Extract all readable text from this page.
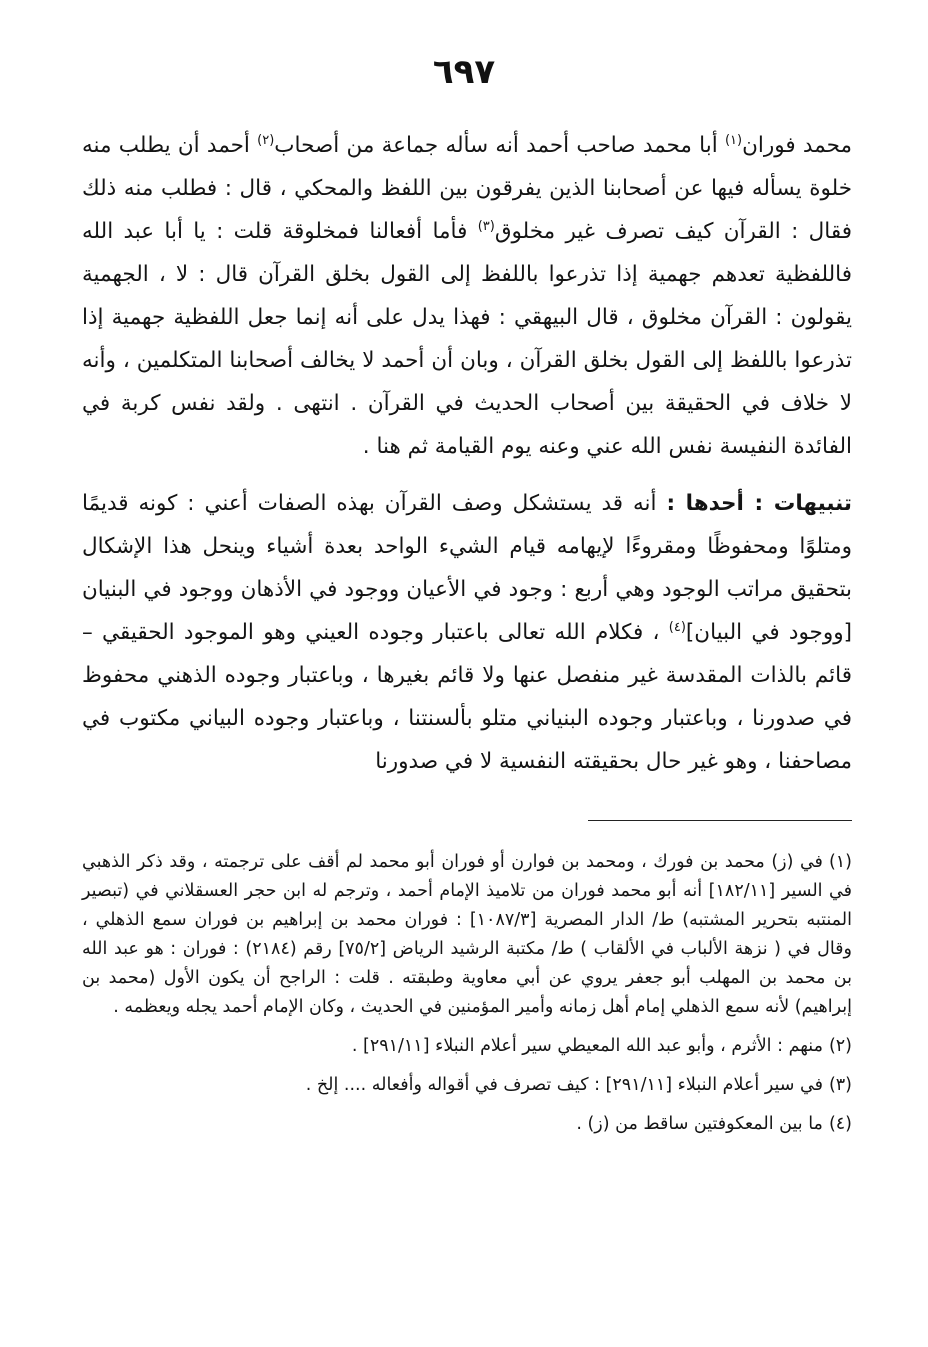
٦٩٧

محمد فوران$^{(١)}$ أبا محمد صاحب أحمد أنه سأله جماعة من أصحاب$^{(٢)}$ أحمد أن يطلب منه خلوة يسأله فيها عن أصحابنا الذين يفرقون بين اللفظ والمحكي ، قال : فطلب منه ذلك فقال : القرآن كيف تصرف غير مخلوق$^{(٣)}$ فأما أفعالنا فمخلوقة قلت : يا أبا عبد الله فاللفظية تعدهم جهمية إذا تذرعوا باللفظ إلى القول بخلق القرآن قال : لا ، الجهمية يقولون : القرآن مخلوق ، قال البيهقي : فهذا يدل على أنه إنما جعل اللفظية جهمية إذا تذرعوا باللفظ إلى القول بخلق القرآن ، وبان أن أحمد لا يخالف أصحابنا المتكلمين ، وأنه لا خلاف في الحقيقة بين أصحاب الحديث في القرآن . انتهى . ولقد نفس كربة في الفائدة النفيسة نفس الله عني وعنه يوم القيامة ثم هنا .

تنبيهات : أحدها : أنه قد يستشكل وصف القرآن بهذه الصفات أعني : كونه قديمًا ومتلوًا ومحفوظًا ومقروءًا لإيهامه قيام الشيء الواحد بعدة أشياء وينحل هذا الإشكال بتحقيق مراتب الوجود وهي أربع : وجود في الأعيان ووجود في الأذهان ووجود في البنيان [ووجود في البيان]$^{(٤)}$ ، فكلام الله تعالى باعتبار وجوده العيني وهو الموجود الحقيقي – قائم بالذات المقدسة غير منفصل عنها ولا قائم بغيرها ، وباعتبار وجوده الذهني محفوظ في صدورنا ، وباعتبار وجوده البنياني متلو بألسنتنا ، وباعتبار وجوده البياني مكتوب في مصاحفنا ، وهو غير حال بحقيقته النفسية لا في صدورنا

(١)في (ز) محمد بن فورك ، ومحمد بن فوارن أو فوران أبو محمد لم أقف على ترجمته ، وقد ذكر الذهبي في السير [١٨٢/١١] أنه أبو محمد فوران من تلاميذ الإمام أحمد ، وترجم له ابن حجر العسقلاني في (تبصير المنتبه بتحرير المشتبه) ط/ الدار المصرية [١٠٨٧/٣] : فوران محمد بن إبراهيم بن فوران سمع الذهلي ، وقال في ( نزهة الألباب في الألقاب ) ط/ مكتبة الرشيد الرياض [٧٥/٢] رقم (٢١٨٤) : فوران : هو عبد الله بن محمد بن المهلب أبو جعفر يروي عن أبي معاوية وطبقته . قلت : الراجح أن يكون الأول (محمد بن إبراهيم) لأنه سمع الذهلي إمام أهل زمانه وأمير المؤمنين في الحديث ، وكان الإمام أحمد يجله ويعظمه .

(٢)منهم : الأثرم ، وأبو عبد الله المعيطي سير أعلام النبلاء [٢٩١/١١] .

(٣)في سير أعلام النبلاء [٢٩١/١١] : كيف تصرف في أقواله وأفعاله .... إلخ .

(٤)ما بين المعكوفتين ساقط من (ز) .
